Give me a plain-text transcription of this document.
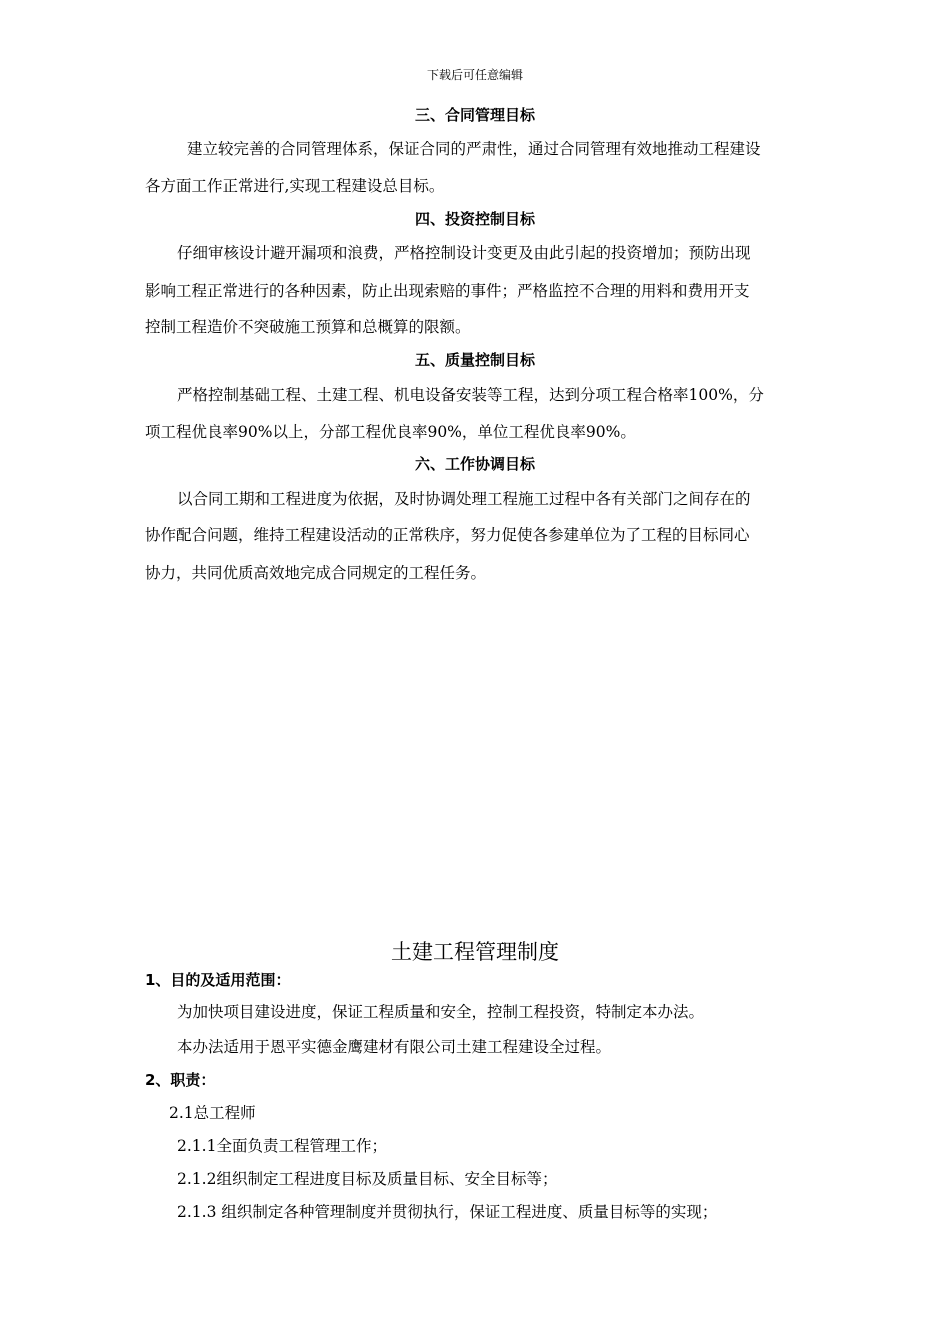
下载后可任意编辑
三、合同管理目标
建立较完善的合同管理体系，保证合同的严肃性，通过合同管理有效地推动工程建设
各方面工作正常进行,实现工程建设总目标。
四、投资控制目标
仔细审核设计避开漏项和浪费，严格控制设计变更及由此引起的投资增加；预防出现
影响工程正常进行的各种因素，防止出现索赔的事件；严格监控不合理的用料和费用开支
控制工程造价不突破施工预算和总概算的限额。
五、质量控制目标
严格控制基础工程、土建工程、机电设备安装等工程，达到分项工程合格率100%，分
项工程优良率90%以上，分部工程优良率90%，单位工程优良率90%。
六、工作协调目标
以合同工期和工程进度为依据，及时协调处理工程施工过程中各有关部门之间存在的
协作配合问题，维持工程建设活动的正常秩序，努力促使各参建单位为了工程的目标同心
协力，共同优质高效地完成合同规定的工程任务。
土建工程管理制度
1、目的及适用范围：
为加快项目建设进度，保证工程质量和安全，控制工程投资，特制定本办法。
本办法适用于恩平实德金鹰建材有限公司土建工程建设全过程。
2、职责：
2.1总工程师
2.1.1全面负责工程管理工作；
2.1.2组织制定工程进度目标及质量目标、安全目标等；
2.1.3 组织制定各种管理制度并贯彻执行，保证工程进度、质量目标等的实现；
